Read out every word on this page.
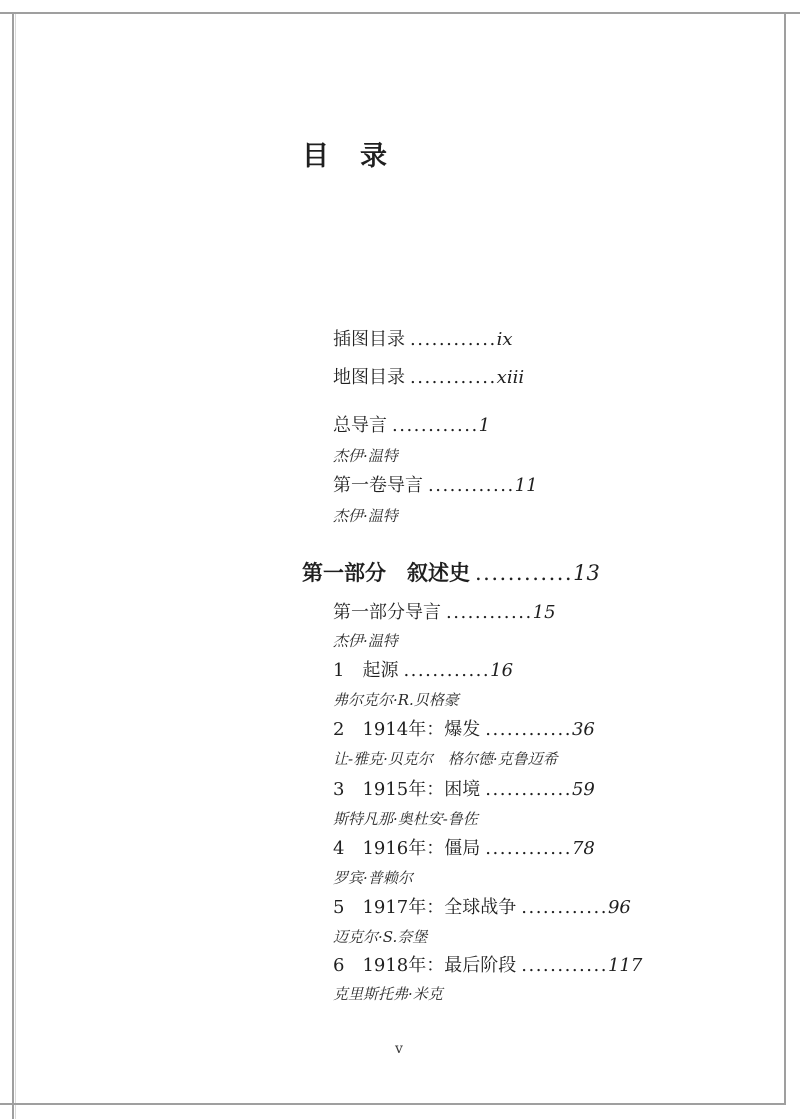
目　录
插图目录 ............ix
地图目录 ............xiii
总导言 ............1
杰伊·温特
第一卷导言 ............11
杰伊·温特
第一部分　叙述史 ............13
第一部分导言 ............15
杰伊·温特
1　起源 ............16
弗尔克尔·R.贝格豪
2　1914年：爆发 ............36
让-雅克·贝克尔　格尔德·克鲁迈希
3　1915年：困境 ............59
斯特凡那·奥杜安-鲁佐
4　1916年：僵局 ............78
罗宾·普赖尔
5　1917年：全球战争 ............96
迈克尔·S.奈堡
6　1918年：最后阶段 ............117
克里斯托弗·米克
v
